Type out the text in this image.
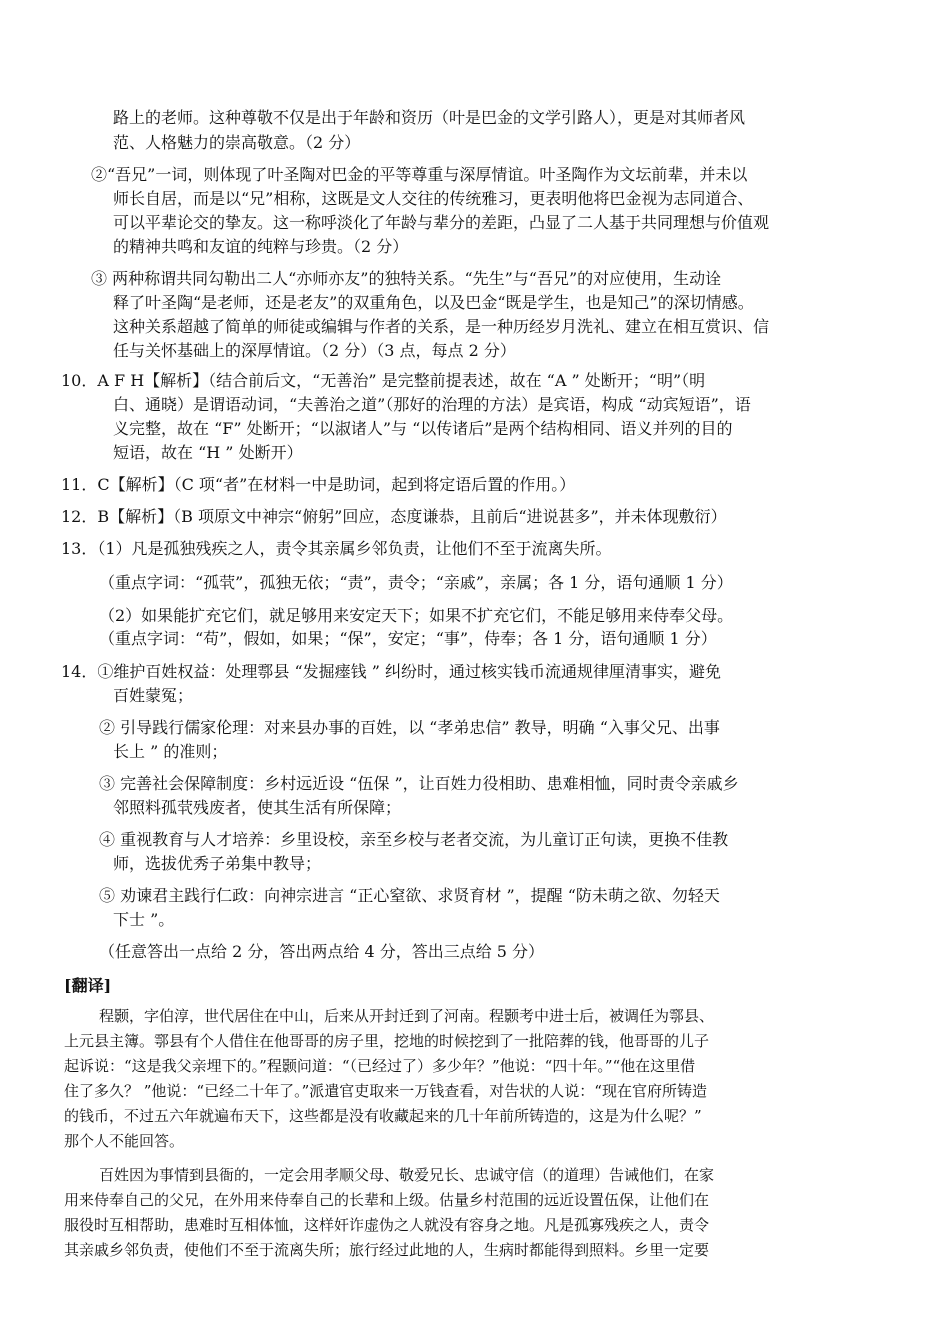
路上的老师。这种尊敬不仅是出于年龄和资历（叶是巴金的文学引路人），更是对其师者风

范、人格魅力的崇高敬意。（2 分）

②“吾兄”一词，则体现了叶圣陶对巴金的平等尊重与深厚情谊。叶圣陶作为文坛前辈，并未以

师长自居，而是以“兄”相称，这既是文人交往的传统雅习，更表明他将巴金视为志同道合、

可以平辈论交的挚友。这一称呼淡化了年龄与辈分的差距，凸显了二人基于共同理想与价值观

的精神共鸣和友谊的纯粹与珍贵。（2 分）

③ 两种称谓共同勾勒出二人“亦师亦友”的独特关系。“先生”与“吾兄”的对应使用，生动诠

释了叶圣陶“是老师，还是老友”的双重角色，以及巴金“既是学生，也是知己”的深切情感。

这种关系超越了简单的师徒或编辑与作者的关系，是一种历经岁月洗礼、建立在相互赏识、信

任与关怀基础上的深厚情谊。（2 分）（3 点，每点 2 分）

10．A F H【解析】（结合前后文，“无善治” 是完整前提表述，故在 “A ” 处断开；“明”（明

白、通晓）是谓语动词，“夫善治之道”（那好的治理的方法）是宾语，构成 “动宾短语”，语

义完整，故在 “F” 处断开；“以淑诸人”与 “以传诸后”是两个结构相同、语义并列的目的

短语，故在 “H ” 处断开）

11．C【解析】（C 项“者”在材料一中是助词，起到将定语后置的作用。）

12．B【解析】（B 项原文中神宗“俯躬”回应，态度谦恭，且前后“进说甚多”，并未体现敷衍）

13．（1）凡是孤独残疾之人，责令其亲属乡邻负责，让他们不至于流离失所。

（重点字词：“孤茕”，孤独无依；“责”，责令；“亲戚”，亲属；各 1 分，语句通顺 1 分）

（2）如果能扩充它们，就足够用来安定天下；如果不扩充它们，不能足够用来侍奉父母。

（重点字词：“苟”，假如，如果；“保”，安定；“事”，侍奉；各 1 分，语句通顺 1 分）

14．①维护百姓权益：处理鄠县 “发掘瘗钱 ” 纠纷时，通过核实钱币流通规律厘清事实，避免

百姓蒙冤；

② 引导践行儒家伦理：对来县办事的百姓，以 “孝弟忠信” 教导，明确 “入事父兄、出事

长上 ” 的准则；

③ 完善社会保障制度：乡村远近设 “伍保 ”，让百姓力役相助、患难相恤，同时责令亲戚乡

邻照料孤茕残废者，使其生活有所保障；

④ 重视教育与人才培养：乡里设校，亲至乡校与老者交流，为儿童订正句读，更换不佳教

师，选拔优秀子弟集中教导；

⑤ 劝谏君主践行仁政：向神宗进言 “正心窒欲、求贤育材 ”，提醒 “防未萌之欲、勿轻天

下士 ”。

（任意答出一点给 2 分，答出两点给 4 分，答出三点给 5 分）

[翻译]

程颢，字伯淳，世代居住在中山，后来从开封迁到了河南。程颢考中进士后，被调任为鄠县、

上元县主簿。鄠县有个人借住在他哥哥的房子里，挖地的时候挖到了一批陪葬的钱，他哥哥的儿子

起诉说：“这是我父亲埋下的。”程颢问道：“（已经过了）多少年？”他说：“四十年。”“他在这里借

住了多久？ ”他说：“已经二十年了。”派遣官吏取来一万钱查看，对告状的人说：“现在官府所铸造

的钱币，不过五六年就遍布天下，这些都是没有收藏起来的几十年前所铸造的，这是为什么呢？”

那个人不能回答。

百姓因为事情到县衙的，一定会用孝顺父母、敬爱兄长、忠诚守信（的道理）告诫他们，在家

用来侍奉自己的父兄，在外用来侍奉自己的长辈和上级。估量乡村范围的远近设置伍保，让他们在

服役时互相帮助，患难时互相体恤，这样奸诈虚伪之人就没有容身之地。凡是孤寡残疾之人，责令

其亲戚乡邻负责，使他们不至于流离失所；旅行经过此地的人，生病时都能得到照料。乡里一定要
